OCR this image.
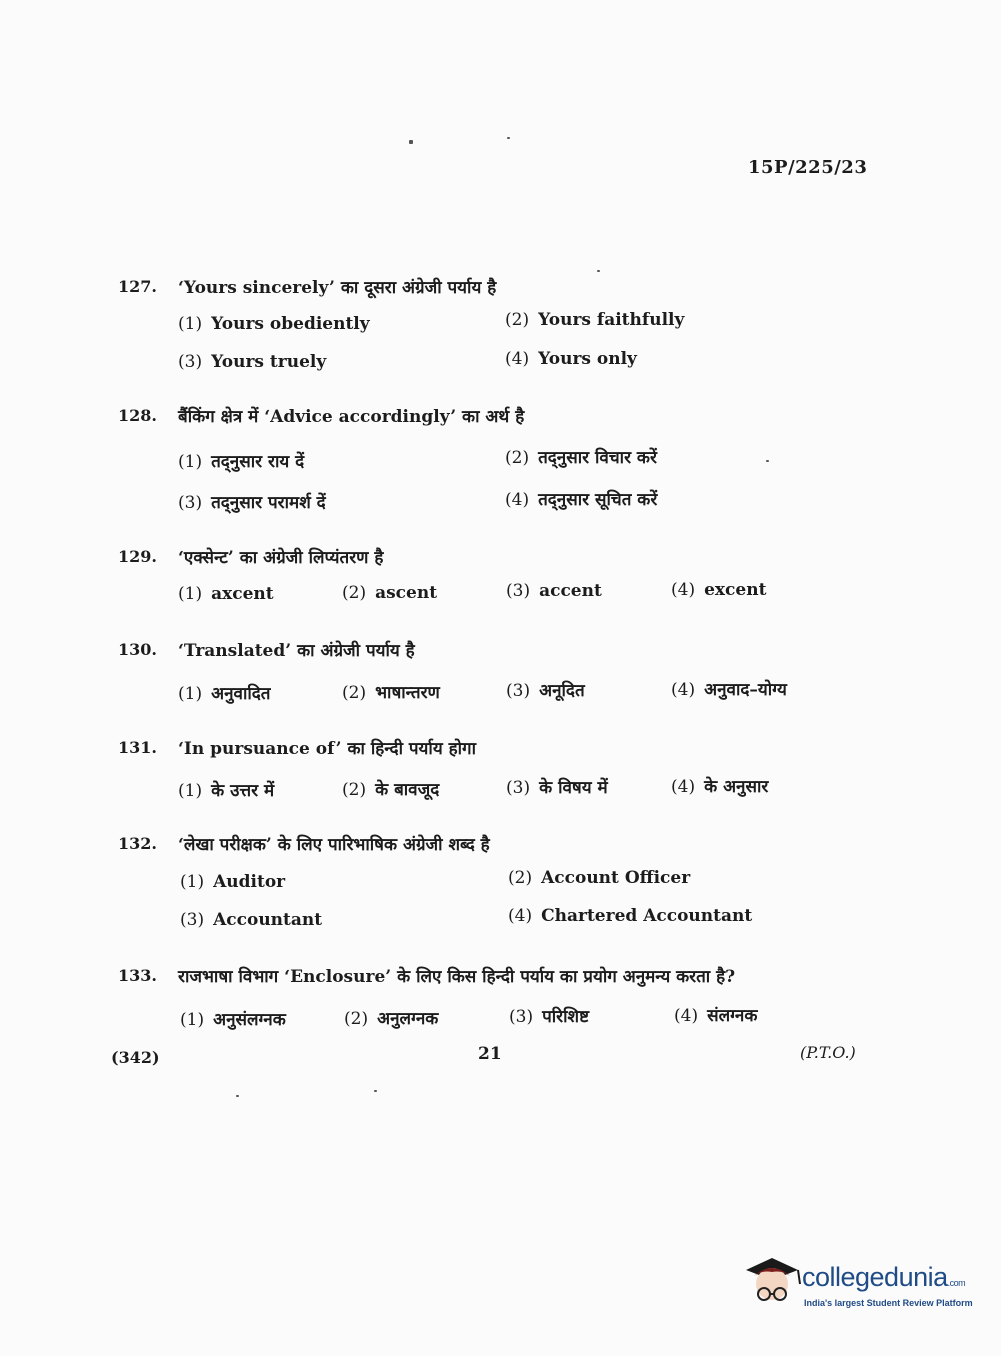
15P/225/23
127. ‘Yours sincerely’ का दूसरा अंग्रेजी पर्याय है
(1) Yours obediently	(2) Yours faithfully
(3) Yours truely	(4) Yours only
128. बैंकिंग क्षेत्र में ‘Advice accordingly’ का अर्थ है
(1) तद्नुसार राय दें	(2) तद्नुसार विचार करें
(3) तद्नुसार परामर्श दें	(4) तद्नुसार सूचित करें
129. ‘एक्सेन्ट’ का अंग्रेजी लिप्यंतरण है
(1) axcent	(2) ascent	(3) accent	(4) excent
130. ‘Translated’ का अंग्रेजी पर्याय है
(1) अनुवादित	(2) भाषान्तरण	(3) अनूदित	(4) अनुवाद–योग्य
131. ‘In pursuance of’ का हिन्दी पर्याय होगा
(1) के उत्तर में	(2) के बावजूद	(3) के विषय में	(4) के अनुसार
132. ‘लेखा परीक्षक’ के लिए पारिभाषिक अंग्रेजी शब्द है
(1) Auditor	(2) Account Officer
(3) Accountant	(4) Chartered Accountant
133. राजभाषा विभाग ‘Enclosure’ के लिए किस हिन्दी पर्याय का प्रयोग अनुमन्य करता है?
(1) अनुसंलग्नक	(2) अनुलग्नक	(3) परिशिष्ट	(4) संलग्नक
(342)	21	(P.T.O.)
collegedunia.com
India's largest Student Review Platform
